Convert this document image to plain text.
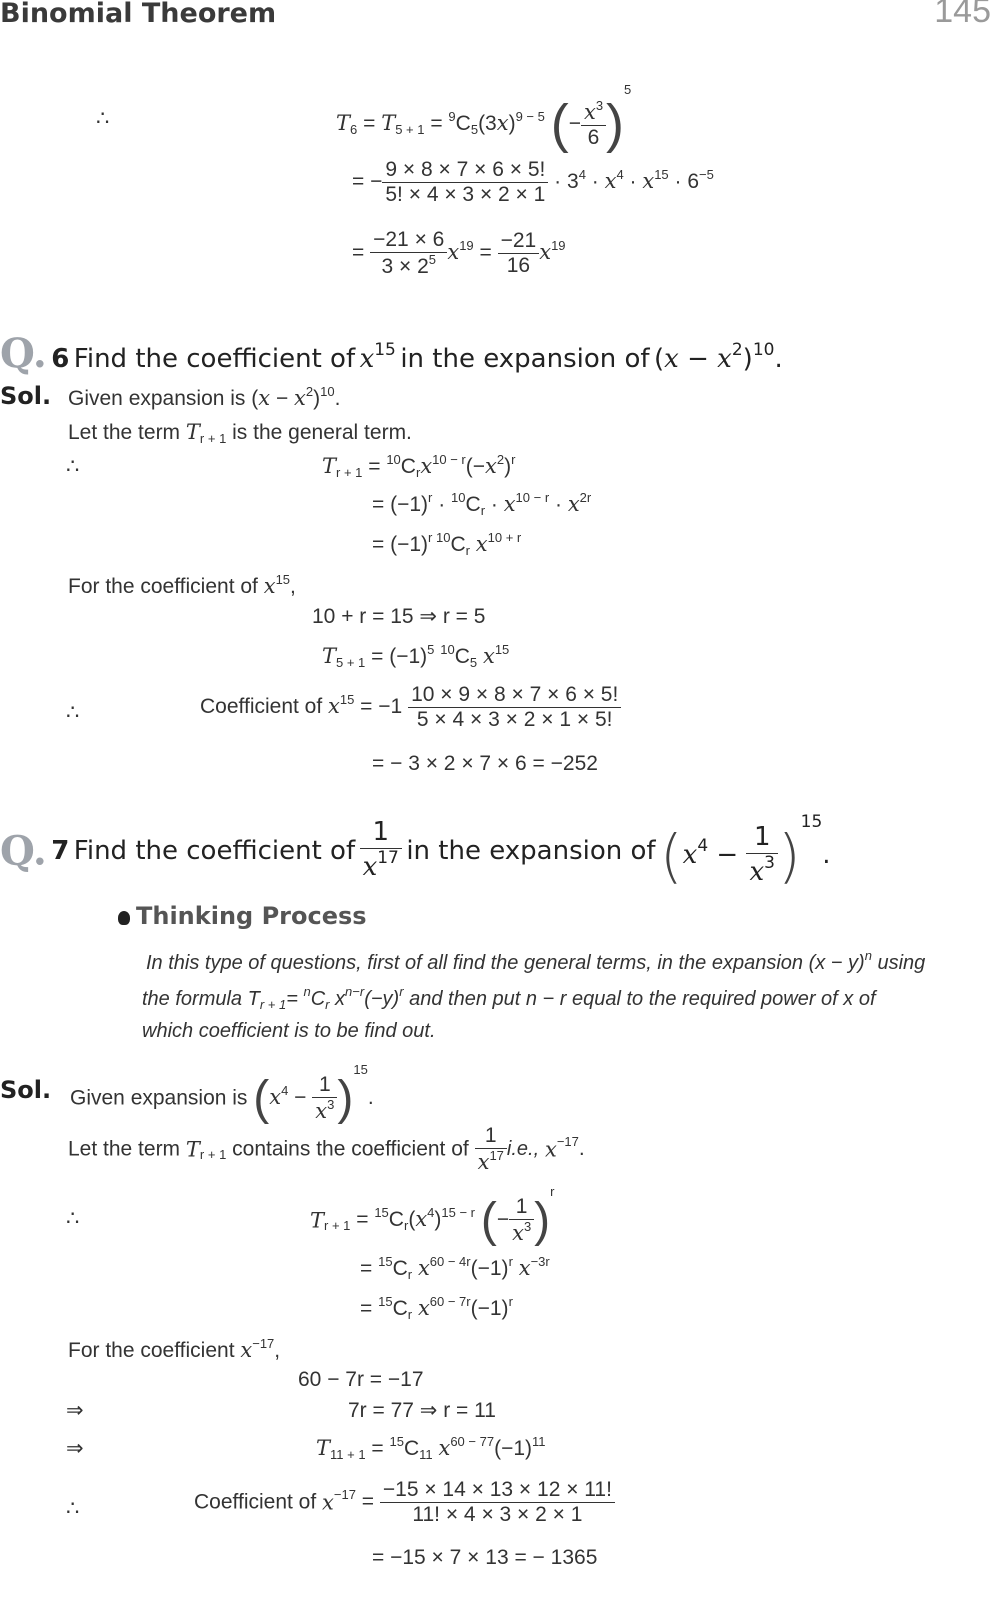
Binomial Theorem	145
∴	$T_6 = T_{5 + 1} = ^9C_5(3x)^{9 - 5}$ (− $\frac{x^3}{6} )^5$
= − $\frac{9 \times 8 \times 7 \times 6 \times 5!}{5! \times 4 \times 3 \times 2 \times 1} \cdot 3^4 \cdot x^4 \cdot x^{15} \cdot 6^{-5}$
= $\frac{-21 \times 6}{3 \times 2^5} x^{19} = \frac{-21}{16} x^{19}$
Q. 6 Find the coefficient of $x^{15}$ in the expansion of $(x - x^2)^{10}$.
Sol. Given expansion is $(x - x^2)^{10}$.
Let the term $T_{r + 1}$ is the general term.
∴	$T_{r + 1} = ^{10}C_rx^{10 - r}(-x^2)^r$
= $(-1)^r \cdot ^{10}C_r \cdot x^{10 - r} \cdot x^{2r}$
= $(-1)^{r 10}C_r$ $x^{10 + r}$
For the coefficient of $x^{15}$,
10 + r = 15 ⇒ r = 5
$T_{5 + 1} = (-1)^5$ $^{10}C_5$ $x^{15}$
∴	Coefficient of $x^{15} = -1 \frac{10 \times 9 \times 8 \times 7 \times 6 \times 5!}{5 \times 4 \times 3 \times 2 \times 1 \times 5!}$
= − 3 × 2 × 7 × 6 = −252
Q. 7 Find the coefficient of $\frac{1}{x^{17}}$ in the expansion of $(x^4 - \frac{1}{x^3} )^{15}$.
Thinking Process
In this type of questions, first of all find the general terms, in the expansion $(x - y)^n$ using
the formula $T_{r + 1}= ^nC_r$ $x^{n-r}(-y)^r$ and then put n − r equal to the required power of x of
which coefficient is to be find out.
Sol. Given expansion is $(x^4 - \frac{1}{x^3} )^{15}$.
Let the term $T_{r + 1}$ contains the coefficient of $\frac{1}{x^{17}} i.e$., $x^{-17}$.
∴	$T_{r + 1} = ^{15}C_r(x^4)^{15 - r}$ (− $\frac{1}{x^3} )^r$
= $^{15}C_r$ $x^{60 - 4r}(-1)^r$ $x^{-3r}$
= $^{15}C_r$ $x^{60 - 7r}(-1)^r$
For the coefficient $x^{-17}$,
60 − 7r = −17
⇒	7r = 77 ⇒ r = 11
⇒	$T_{11 + 1} = ^{15}C_{11}$ $x^{60 - 77}(-1)^{11}$
∴	Coefficient of $x^{-17} = \frac{-15 \times 14 \times 13 \times 12 \times 11!}{11! \times 4 \times 3 \times 2 \times 1}$
= −15 × 7 × 13 = − 1365
